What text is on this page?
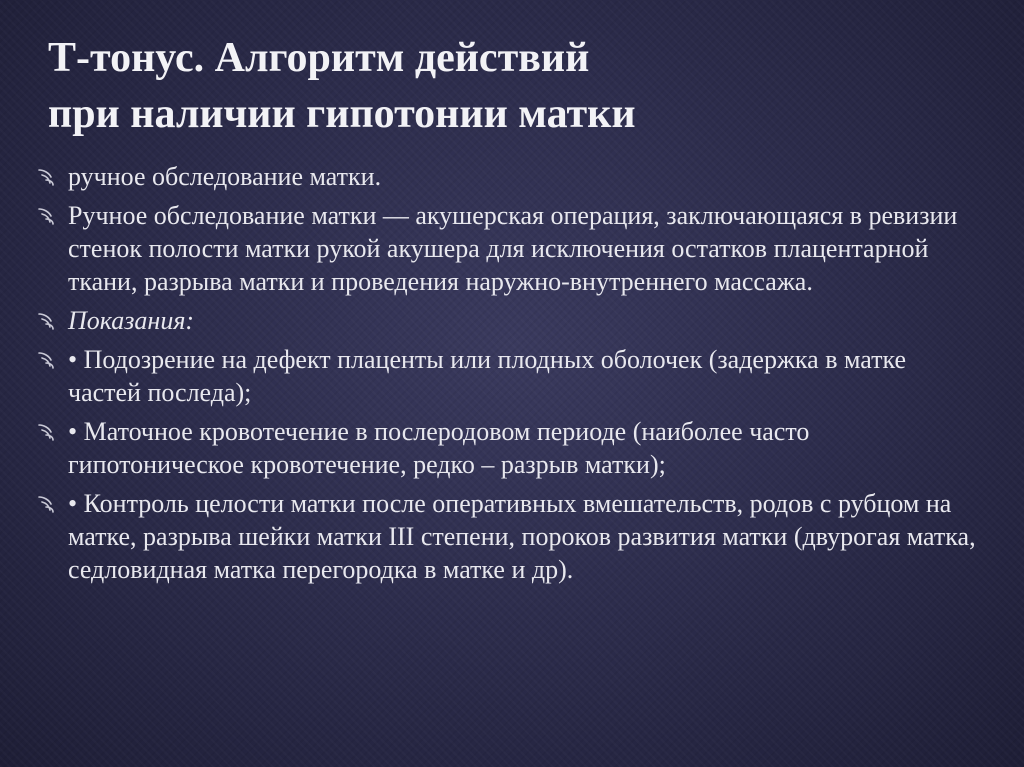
Т-тонус. Алгоритм действий
при наличии гипотонии матки
ручное обследование матки.
Ручное обследование матки — акушерская операция, заключающаяся в ревизии стенок полости матки рукой акушера для исключения остатков плацентарной ткани, разрыва матки и проведения наружно-внутреннего массажа.
Показания:
• Подозрение на дефект плаценты или плодных оболочек (задержка в матке частей последа);
• Маточное кровотечение в послеродовом периоде (наиболее часто гипотоническое кровотечение, редко – разрыв матки);
• Контроль целости матки после оперативных вмешательств, родов с рубцом на матке, разрыва шейки матки III степени, пороков развития матки (двурогая матка, седловидная матка перегородка в матке и др).
